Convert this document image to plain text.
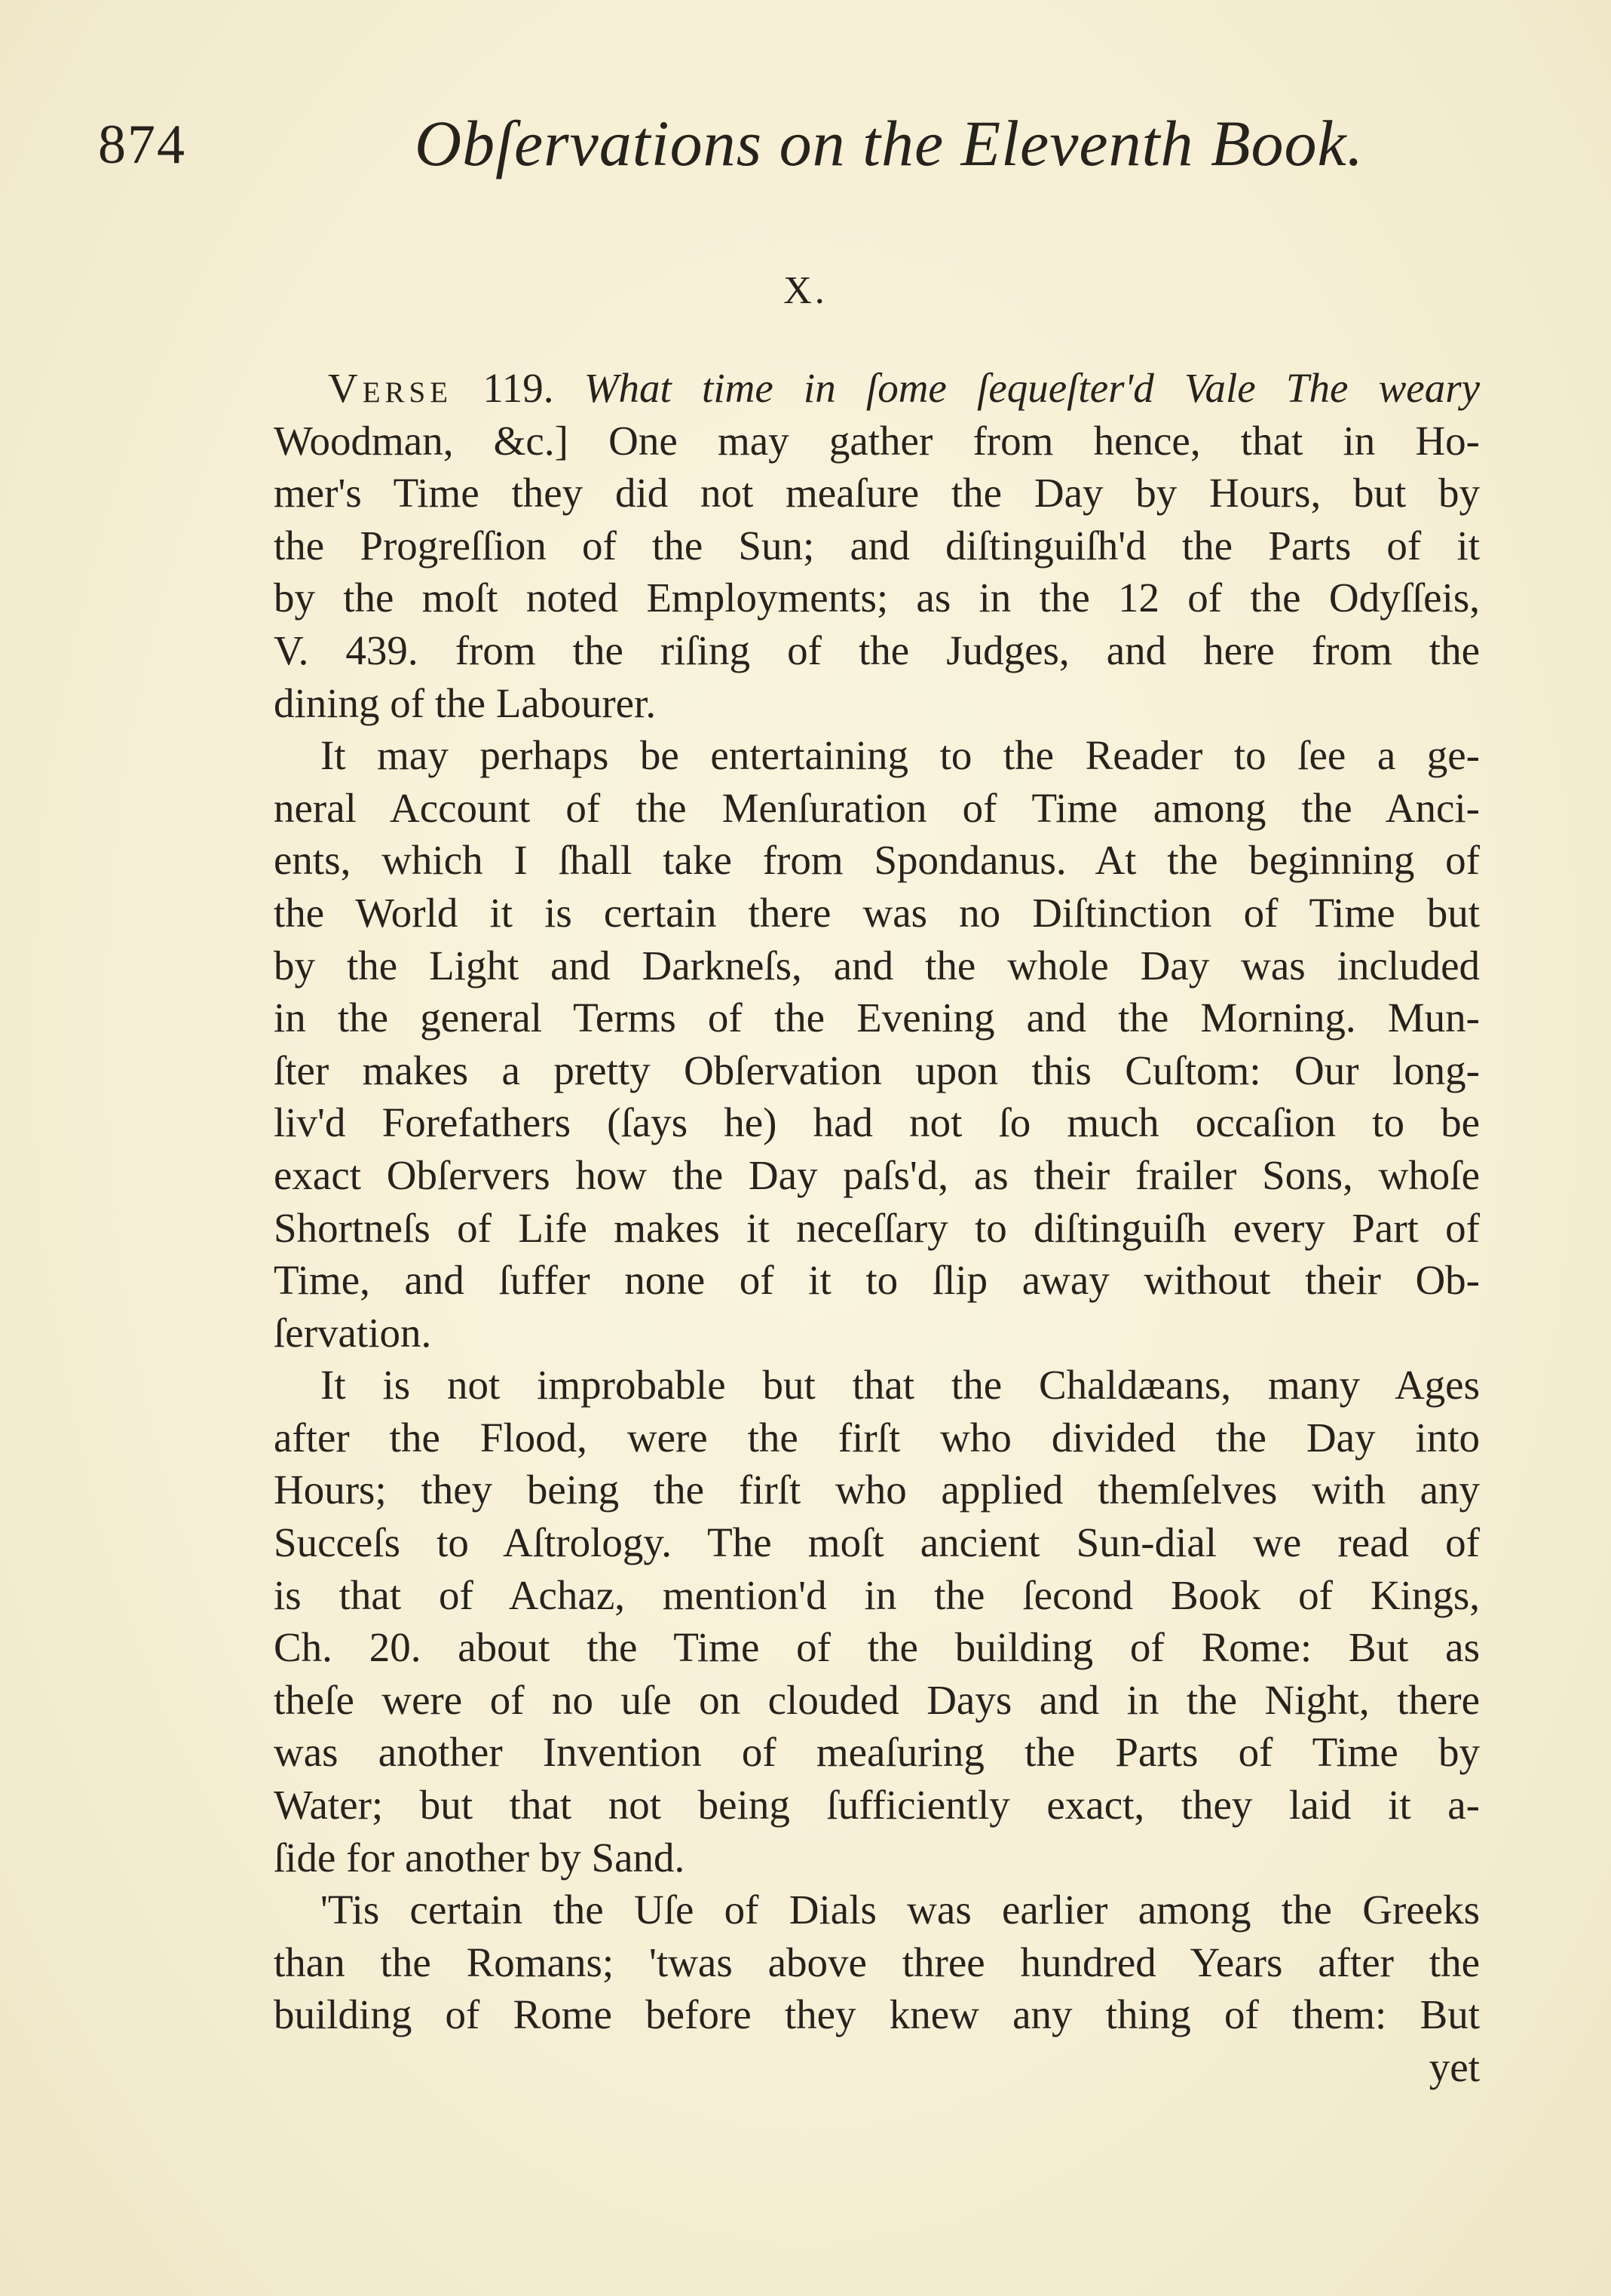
874	Obſervations on the Eleventh Book.
X.
Verse 119. What time in ſome ſequeſter'd Vale The weary
Woodman, &c.] One may gather from hence, that in Ho-
mer's Time they did not meaſure the Day by Hours, but by
the Progreſſion of the Sun; and diſtinguiſh'd the Parts of it
by the moſt noted Employments; as in the 12 of the Odyſſeis,
V. 439. from the riſing of the Judges, and here from the
dining of the Labourer.
It may perhaps be entertaining to the Reader to ſee a ge-
neral Account of the Menſuration of Time among the Anci-
ents, which I ſhall take from Spondanus. At the beginning of
the World it is certain there was no Diſtinction of Time but
by the Light and Darkneſs, and the whole Day was included
in the general Terms of the Evening and the Morning. Mun-
ſter makes a pretty Obſervation upon this Cuſtom: Our long-
liv'd Forefathers (ſays he) had not ſo much occaſion to be
exact Obſervers how the Day paſs'd, as their frailer Sons, whoſe
Shortneſs of Life makes it neceſſary to diſtinguiſh every Part of
Time, and ſuffer none of it to ſlip away without their Ob-
ſervation.
It is not improbable but that the Chaldæans, many Ages
after the Flood, were the firſt who divided the Day into
Hours; they being the firſt who applied themſelves with any
Succeſs to Aſtrology. The moſt ancient Sun-dial we read of
is that of Achaz, mention'd in the ſecond Book of Kings,
Ch. 20. about the Time of the building of Rome: But as
theſe were of no uſe on clouded Days and in the Night, there
was another Invention of meaſuring the Parts of Time by
Water; but that not being ſufficiently exact, they laid it a-
ſide for another by Sand.
'Tis certain the Uſe of Dials was earlier among the Greeks
than the Romans; 'twas above three hundred Years after the
building of Rome before they knew any thing of them: But
yet
